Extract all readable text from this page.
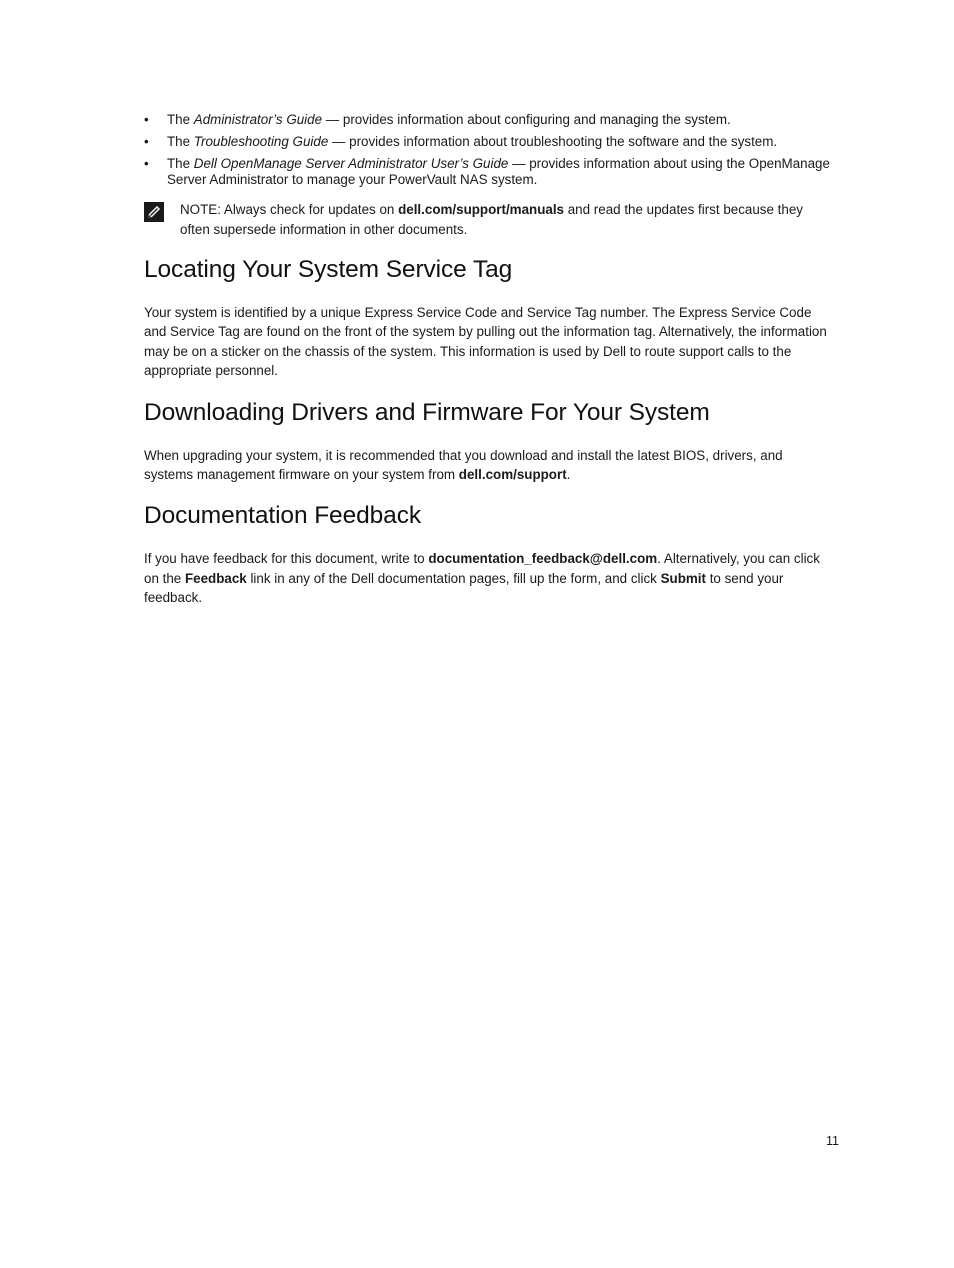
• The Administrator’s Guide — provides information about configuring and managing the system.
• The Troubleshooting Guide — provides information about troubleshooting the software and the system.
• The Dell OpenManage Server Administrator User’s Guide — provides information about using the OpenManage Server Administrator to manage your PowerVault NAS system.
NOTE: Always check for updates on dell.com/support/manuals and read the updates first because they often supersede information in other documents.
Locating Your System Service Tag

Your system is identified by a unique Express Service Code and Service Tag number. The Express Service Code and Service Tag are found on the front of the system by pulling out the information tag. Alternatively, the information may be on a sticker on the chassis of the system. This information is used by Dell to route support calls to the appropriate personnel.

Downloading Drivers and Firmware For Your System

When upgrading your system, it is recommended that you download and install the latest BIOS, drivers, and systems management firmware on your system from dell.com/support.

Documentation Feedback

If you have feedback for this document, write to documentation_feedback@dell.com. Alternatively, you can click on the Feedback link in any of the Dell documentation pages, fill up the form, and click Submit to send your feedback.

11
